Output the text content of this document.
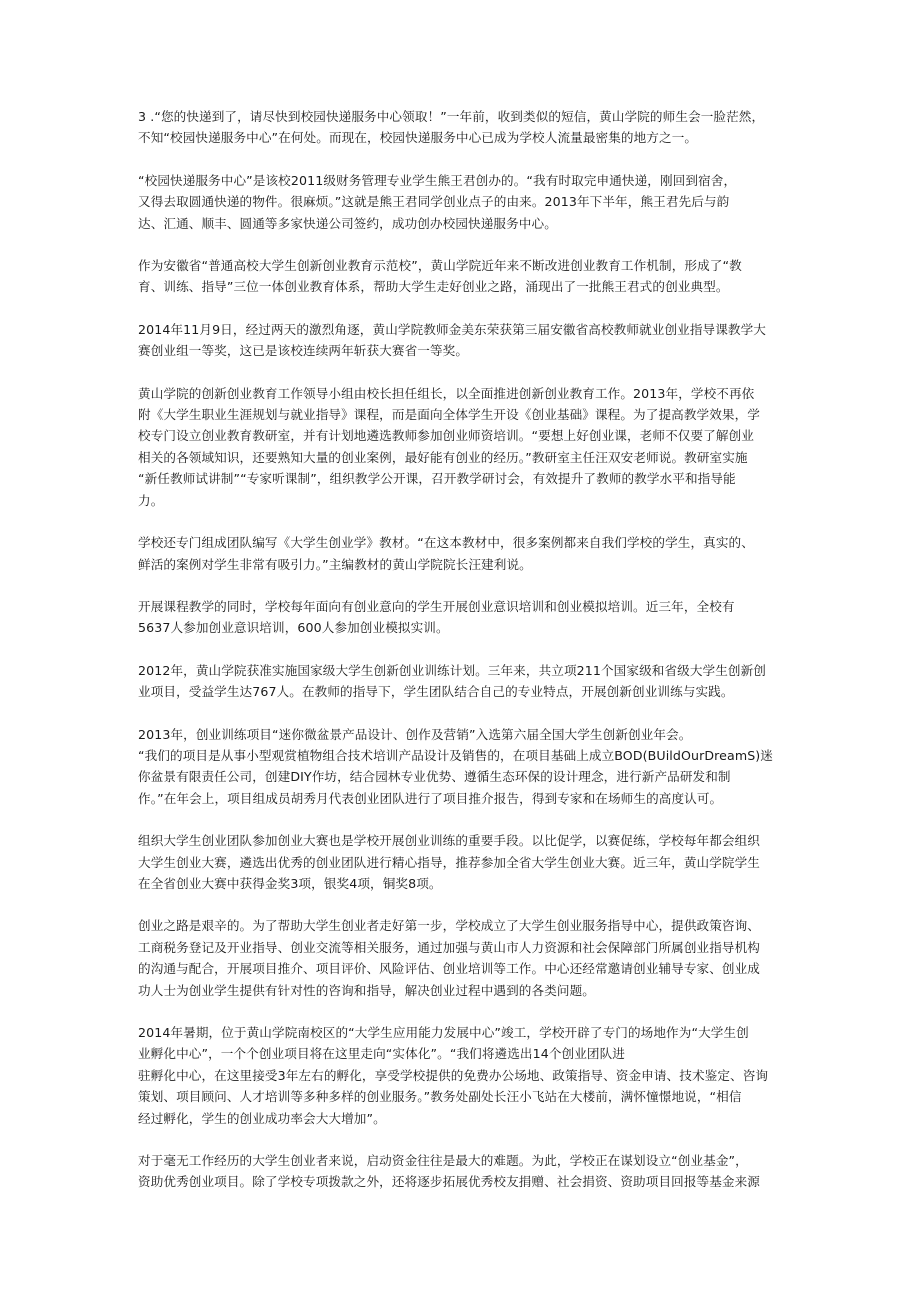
3 .“您的快递到了，请尽快到校园快递服务中心领取！”一年前，收到类似的短信，黄山学院的师生会一脸茫然，
不知“校园快递服务中心”在何处。而现在，校园快递服务中心已成为学校人流量最密集的地方之一。

“校园快递服务中心”是该校2011级财务管理专业学生熊王君创办的。“我有时取完申通快递，刚回到宿舍，
又得去取圆通快递的物件。很麻烦。”这就是熊王君同学创业点子的由来。2013年下半年，熊王君先后与韵
达、汇通、顺丰、圆通等多家快递公司签约，成功创办校园快递服务中心。

作为安徽省“普通高校大学生创新创业教育示范校”，黄山学院近年来不断改进创业教育工作机制，形成了“教
育、训练、指导”三位一体创业教育体系，帮助大学生走好创业之路，涌现出了一批熊王君式的创业典型。

2014年11月9日，经过两天的激烈角逐，黄山学院教师金美东荣获第三届安徽省高校教师就业创业指导课教学大
赛创业组一等奖，这已是该校连续两年斩获大赛省一等奖。

黄山学院的创新创业教育工作领导小组由校长担任组长，以全面推进创新创业教育工作。2013年，学校不再依
附《大学生职业生涯规划与就业指导》课程，而是面向全体学生开设《创业基础》课程。为了提高教学效果，学
校专门设立创业教育教研室，并有计划地遴选教师参加创业师资培训。“要想上好创业课，老师不仅要了解创业
相关的各领域知识，还要熟知大量的创业案例，最好能有创业的经历。”教研室主任汪双安老师说。教研室实施
“新任教师试讲制”“专家听课制”，组织教学公开课，召开教学研讨会，有效提升了教师的教学水平和指导能
力。

学校还专门组成团队编写《大学生创业学》教材。“在这本教材中，很多案例都来自我们学校的学生，真实的、
鲜活的案例对学生非常有吸引力。”主编教材的黄山学院院长汪建利说。

开展课程教学的同时，学校每年面向有创业意向的学生开展创业意识培训和创业模拟培训。近三年，全校有
5637人参加创业意识培训，600人参加创业模拟实训。

2012年，黄山学院获准实施国家级大学生创新创业训练计划。三年来，共立项211个国家级和省级大学生创新创
业项目，受益学生达767人。在教师的指导下，学生团队结合自己的专业特点，开展创新创业训练与实践。

2013年，创业训练项目“迷你微盆景产品设计、创作及营销”入选第六届全国大学生创新创业年会。
“我们的项目是从事小型观赏植物组合技术培训产品设计及销售的，在项目基础上成立BOD(BUildOurDreamS)迷
你盆景有限责任公司，创建DIY作坊，结合园林专业优势、遵循生态环保的设计理念，进行新产品研发和制
作。”在年会上，项目组成员胡秀月代表创业团队进行了项目推介报告，得到专家和在场师生的高度认可。

组织大学生创业团队参加创业大赛也是学校开展创业训练的重要手段。以比促学，以赛促练，学校每年都会组织
大学生创业大赛，遴选出优秀的创业团队进行精心指导，推荐参加全省大学生创业大赛。近三年，黄山学院学生
在全省创业大赛中获得金奖3项，银奖4项，铜奖8项。

创业之路是艰辛的。为了帮助大学生创业者走好第一步，学校成立了大学生创业服务指导中心，提供政策咨询、
工商税务登记及开业指导、创业交流等相关服务，通过加强与黄山市人力资源和社会保障部门所属创业指导机构
的沟通与配合，开展项目推介、项目评价、风险评估、创业培训等工作。中心还经常邀请创业辅导专家、创业成
功人士为创业学生提供有针对性的咨询和指导，解决创业过程中遇到的各类问题。

2014年暑期，位于黄山学院南校区的“大学生应用能力发展中心”竣工，学校开辟了专门的场地作为“大学生创
业孵化中心”，一个个创业项目将在这里走向“实体化”。“我们将遴选出14个创业团队进
驻孵化中心，在这里接受3年左右的孵化，享受学校提供的免费办公场地、政策指导、资金申请、技术鉴定、咨询
策划、项目顾问、人才培训等多种多样的创业服务。”教务处副处长汪小飞站在大楼前，满怀憧憬地说，“相信
经过孵化，学生的创业成功率会大大增加”。

对于毫无工作经历的大学生创业者来说，启动资金往往是最大的难题。为此，学校正在谋划设立“创业基金”，
资助优秀创业项目。除了学校专项拨款之外，还将逐步拓展优秀校友捐赠、社会捐资、资助项目回报等基金来源
